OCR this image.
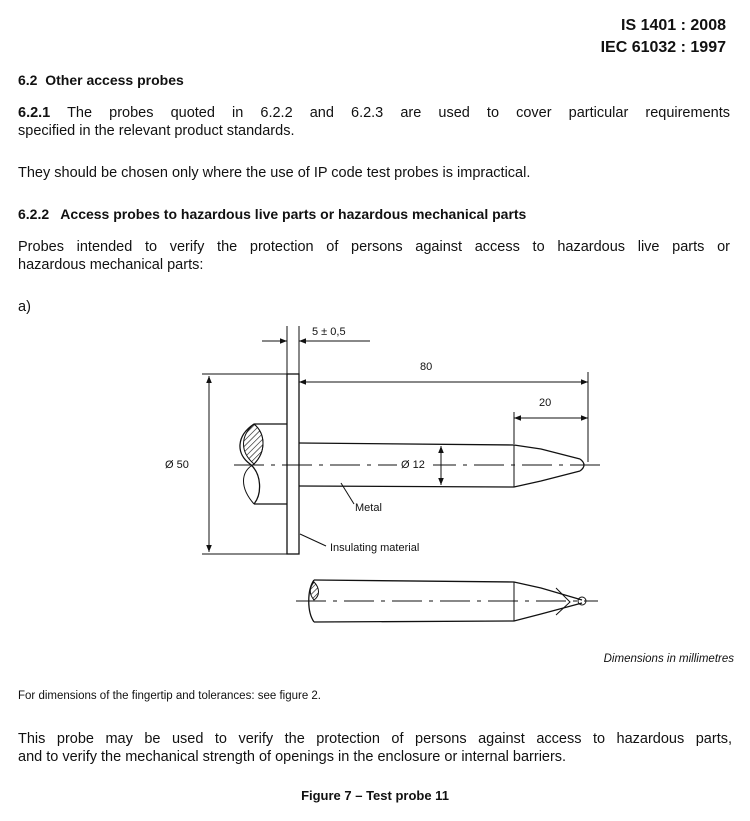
IS 1401 : 2008
IEC 61032 : 1997
6.2 Other access probes
6.2.1 The probes quoted in 6.2.2 and 6.2.3 are used to cover particular requirements
specified in the relevant product standards.
They should be chosen only where the use of IP code test probes is impractical.
6.2.2 Access probes to hazardous live parts or hazardous mechanical parts
Probes intended to verify the protection of persons against access to hazardous live parts or
hazardous mechanical parts:
a)
5 ± 0,5
80
20
Ø 50	Ø 12
Metal
Insulating material
Dimensions in millimetres
For dimensions of the fingertip and tolerances: see figure 2.
This probe may be used to verify the protection of persons against access to hazardous parts,
and to verify the mechanical strength of openings in the enclosure or internal barriers.
Figure 7 – Test probe 11
